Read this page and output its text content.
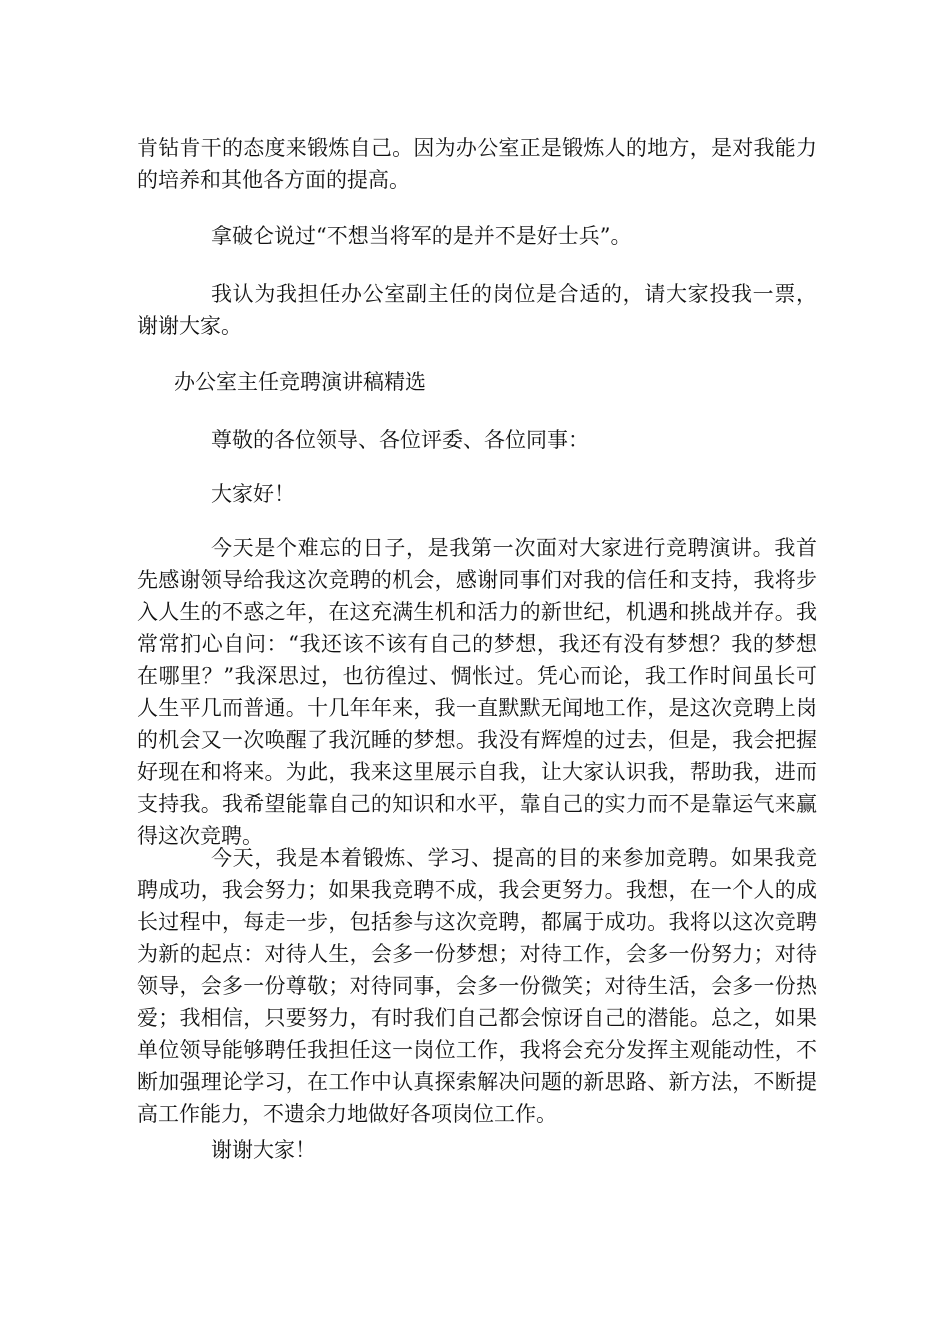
肯钻肯干的态度来锻炼自己。因为办公室正是锻炼人的地方，是对我能力的培养和其他各方面的提高。

拿破仑说过“不想当将军的是并不是好士兵”。

我认为我担任办公室副主任的岗位是合适的，请大家投我一票，谢谢大家。

办公室主任竞聘演讲稿精选

尊敬的各位领导、各位评委、各位同事：

大家好！

今天是个难忘的日子，是我第一次面对大家进行竞聘演讲。我首先感谢领导给我这次竞聘的机会，感谢同事们对我的信任和支持，我将步入人生的不惑之年，在这充满生机和活力的新世纪，机遇和挑战并存。我常常扪心自问：“我还该不该有自己的梦想，我还有没有梦想？我的梦想在哪里？”我深思过，也彷徨过、惆怅过。凭心而论，我工作时间虽长可人生平几而普通。十几年年来，我一直默默无闻地工作，是这次竞聘上岗的机会又一次唤醒了我沉睡的梦想。我没有辉煌的过去，但是，我会把握好现在和将来。为此，我来这里展示自我，让大家认识我，帮助我，进而支持我。我希望能靠自己的知识和水平，靠自己的实力而不是靠运气来赢得这次竞聘。

今天，我是本着锻炼、学习、提高的目的来参加竞聘。如果我竞聘成功，我会努力；如果我竞聘不成，我会更努力。我想，在一个人的成长过程中，每走一步，包括参与这次竞聘，都属于成功。我将以这次竞聘为新的起点：对待人生，会多一份梦想；对待工作，会多一份努力；对待领导，会多一份尊敬；对待同事，会多一份微笑；对待生活，会多一份热爱；我相信，只要努力，有时我们自己都会惊讶自己的潜能。总之，如果单位领导能够聘任我担任这一岗位工作，我将会充分发挥主观能动性，不断加强理论学习，在工作中认真探索解决问题的新思路、新方法，不断提高工作能力，不遗余力地做好各项岗位工作。

谢谢大家！
